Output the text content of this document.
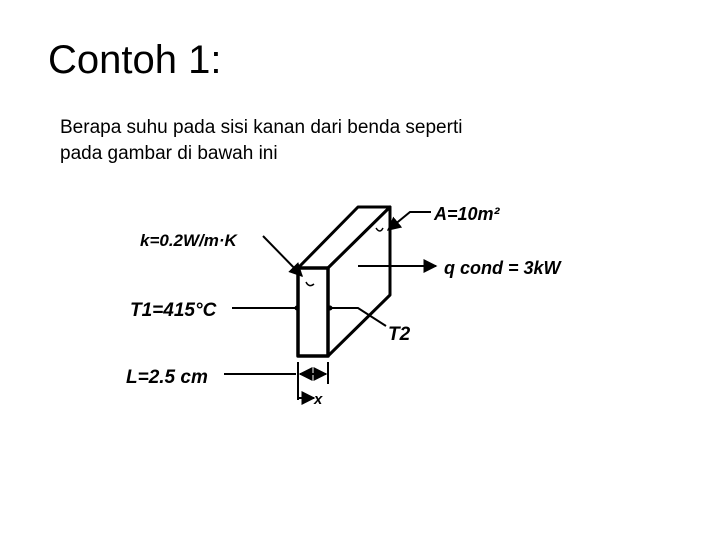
Contoh 1:

Berapa suhu pada sisi kanan dari benda seperti

pada gambar di bawah ini

k=0.2W/m·K
A=10m²
q cond = 3kW
T1=415°C
T2
L=2.5 cm
x
